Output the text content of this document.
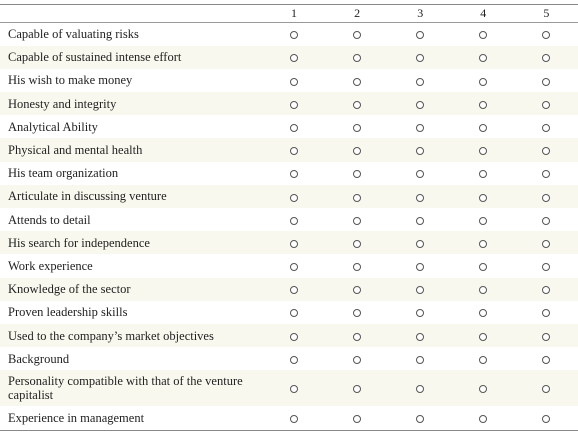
	1	2	3	4	5
Capable of valuating risks					
Capable of sustained intense effort					
His wish to make money					
Honesty and integrity					
Analytical Ability					
Physical and mental health					
His team organization					
Articulate in discussing venture					
Attends to detail					
His search for independence					
Work experience					
Knowledge of the sector					
Proven leadership skills					
Used to the company’s market objectives					
Background					
Personality compatible with that of the venture capitalist					
Experience in management					
